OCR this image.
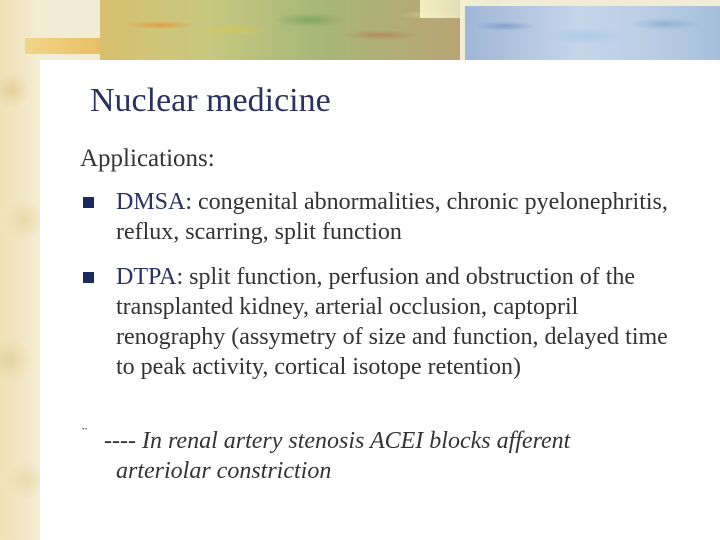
Nuclear medicine

Applications:

DMSA: congenital abnormalities, chronic pyelonephritis, reflux, scarring, split function

DTPA: split function, perfusion and obstruction of the transplanted kidney, arterial occlusion, captopril renography (assymetry of size and function, delayed time to peak activity, cortical isotope retention)

¨ ---- In renal artery stenosis ACEI blocks afferent
arteriolar constriction
